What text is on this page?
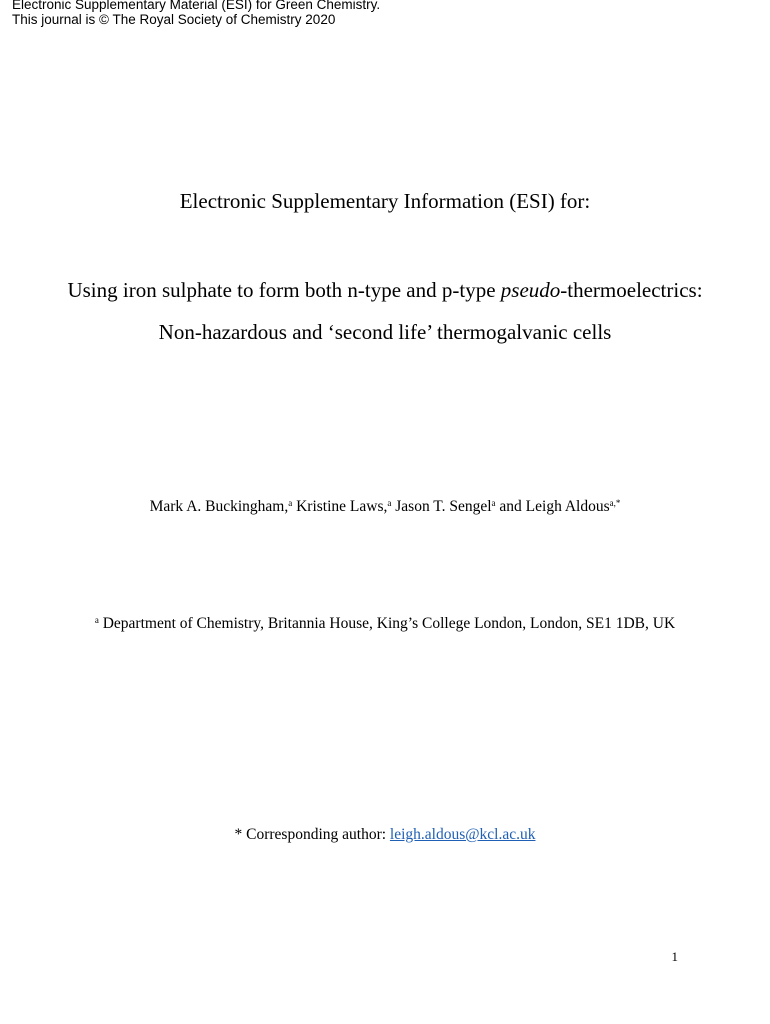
Electronic Supplementary Material (ESI) for Green Chemistry.
This journal is © The Royal Society of Chemistry 2020
Electronic Supplementary Information (ESI) for:
Using iron sulphate to form both n-type and p-type pseudo-thermoelectrics: Non-hazardous and ‘second life’ thermogalvanic cells
Mark A. Buckingham,$^a$ Kristine Laws,$^a$ Jason T. Sengel$^a$ and Leigh Aldous$^{a,*}$
$^a$ Department of Chemistry, Britannia House, King’s College London, London, SE1 1DB, UK
* Corresponding author: leigh.aldous@kcl.ac.uk
1
